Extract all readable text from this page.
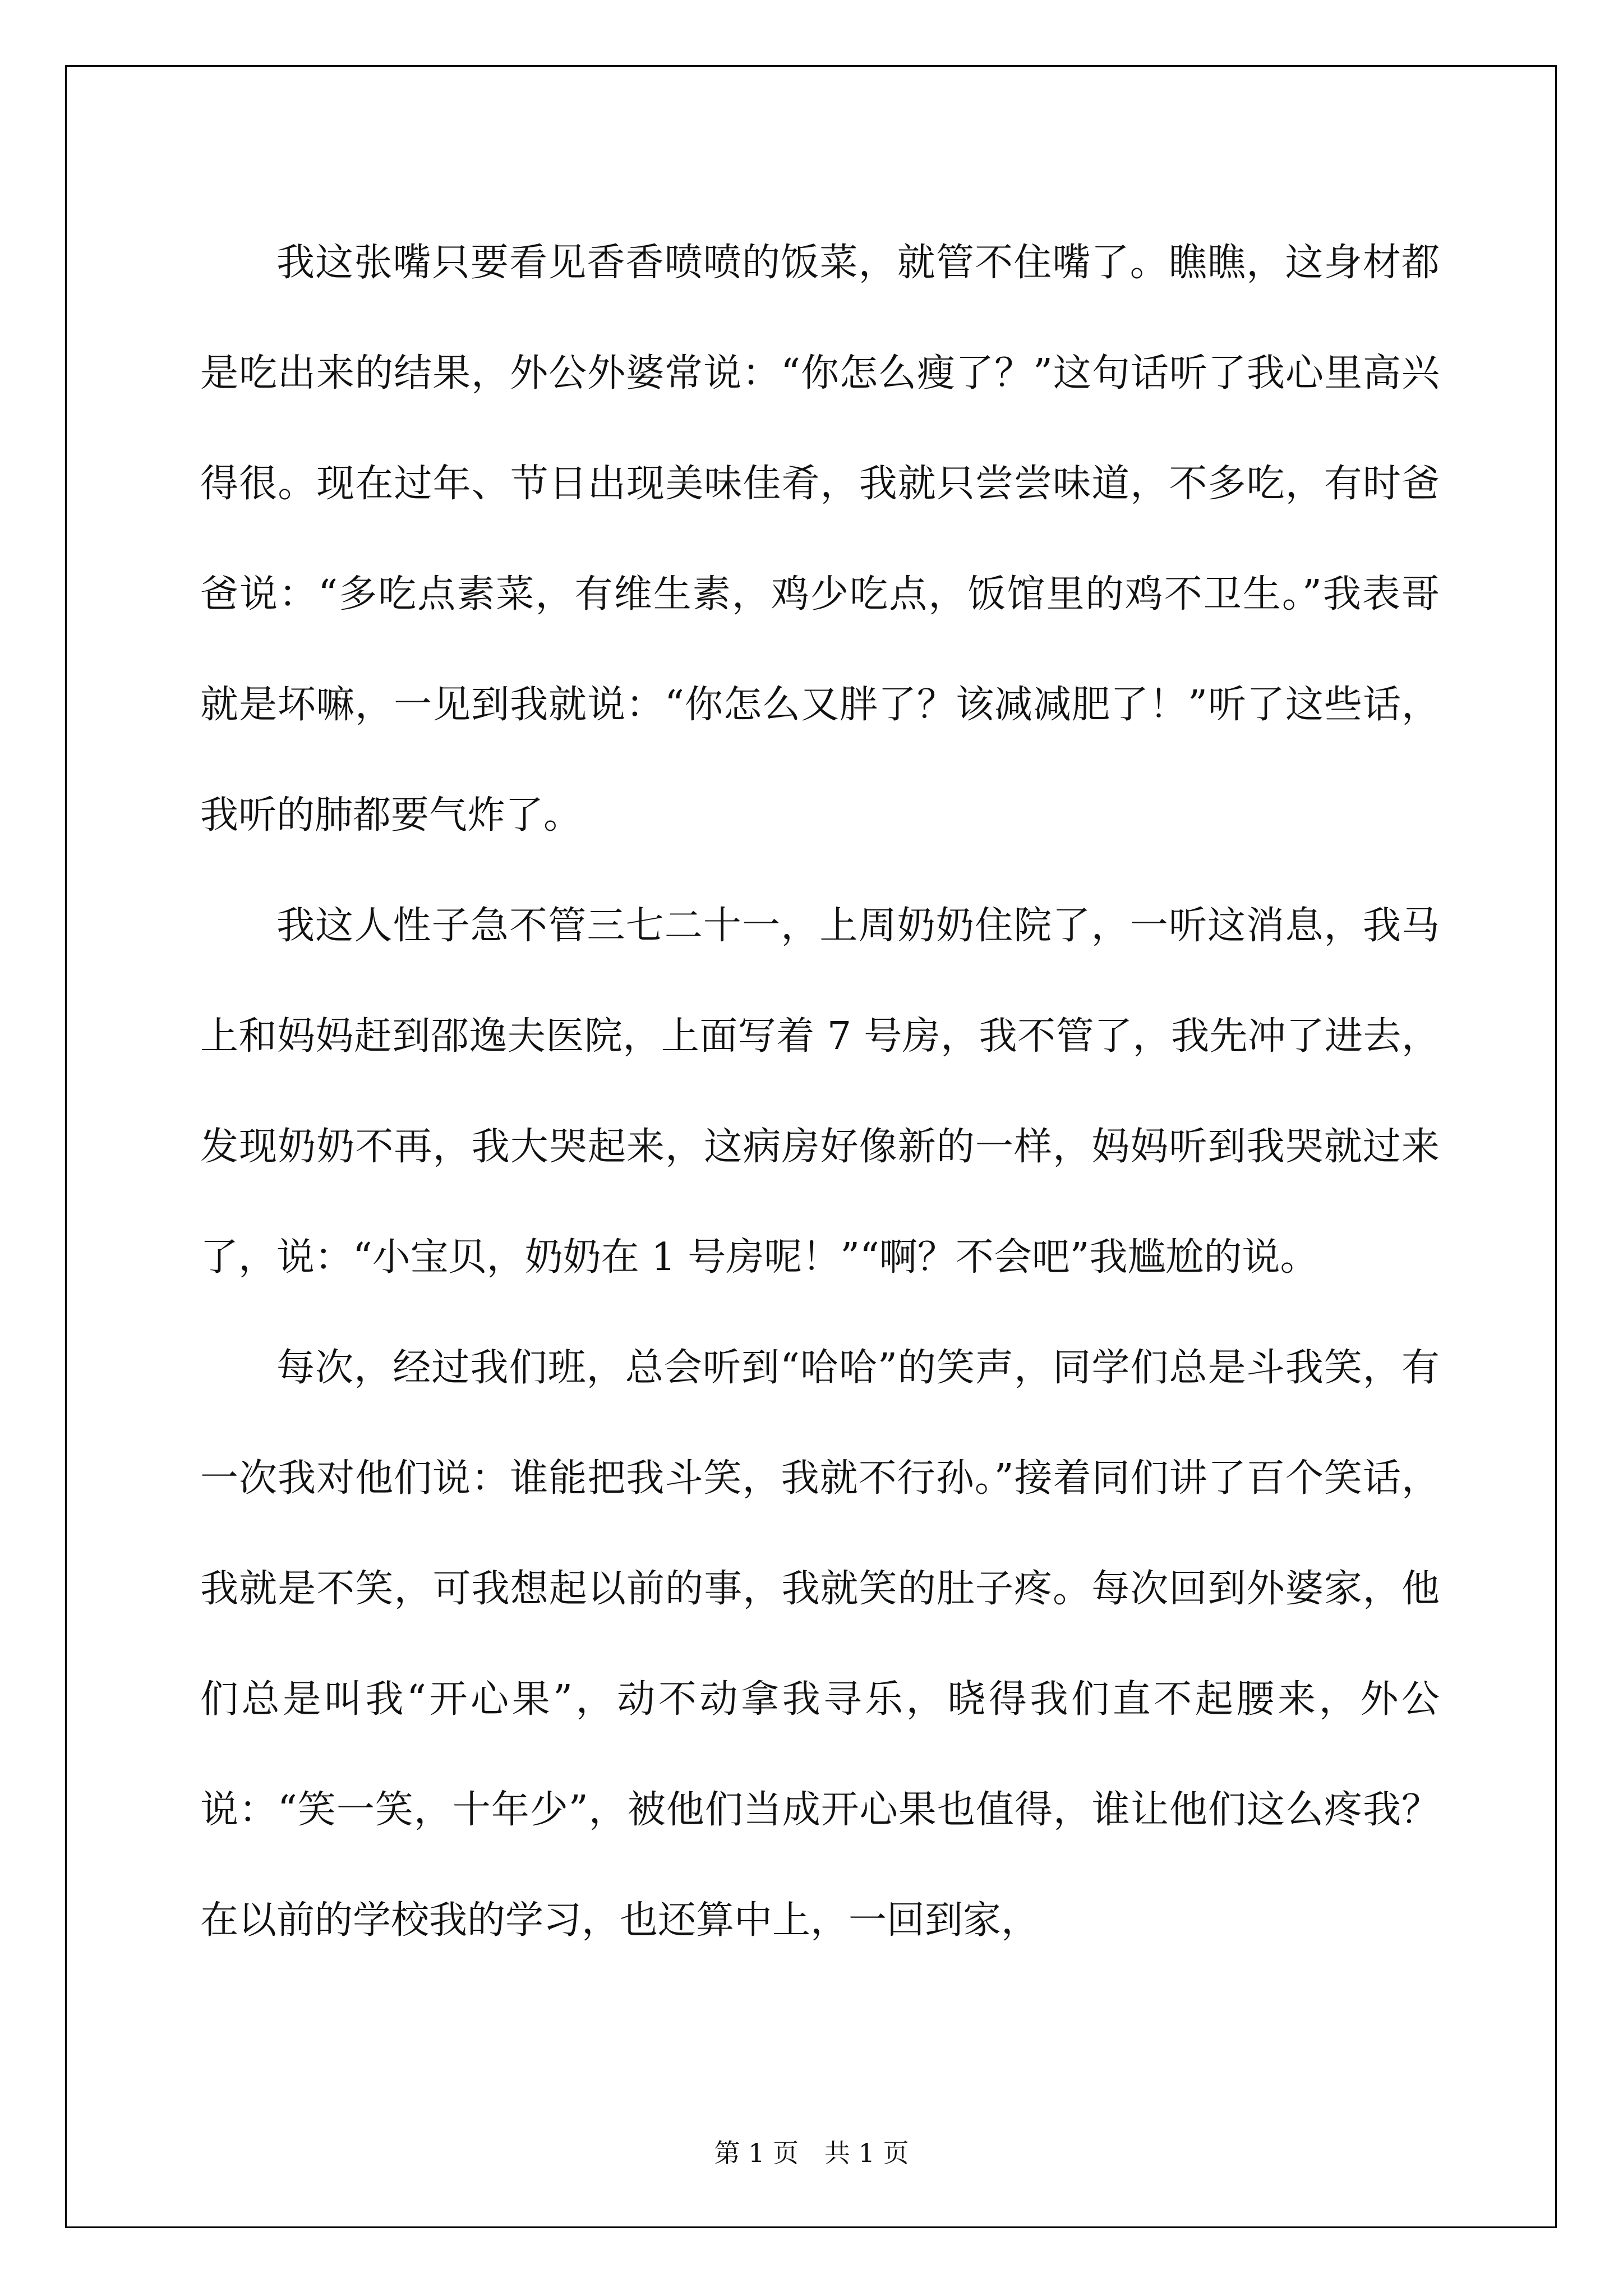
我这张嘴只要看见香香喷喷的饭菜，就管不住嘴了。瞧瞧，这身材都是吃出来的结果，外公外婆常说：“你怎么瘦了？”这句话听了我心里高兴得很。现在过年、节日出现美味佳肴，我就只尝尝味道，不多吃，有时爸爸说：“多吃点素菜，有维生素，鸡少吃点，饭馆里的鸡不卫生。”我表哥就是坏嘛，一见到我就说：“你怎么又胖了？该减减肥了！”听了这些话，我听的肺都要气炸了。

我这人性子急不管三七二十一，上周奶奶住院了，一听这消息，我马上和妈妈赶到邵逸夫医院，上面写着 7 号房，我不管了，我先冲了进去，发现奶奶不再，我大哭起来，这病房好像新的一样，妈妈听到我哭就过来了，说：“小宝贝，奶奶在 1 号房呢！”“啊？不会吧”我尴尬的说。

每次，经过我们班，总会听到“哈哈”的笑声，同学们总是斗我笑，有一次我对他们说：谁能把我斗笑，我就不行孙。”接着同们讲了百个笑话，我就是不笑，可我想起以前的事，我就笑的肚子疼。每次回到外婆家，他们总是叫我“开心果”，动不动拿我寻乐，晓得我们直不起腰来，外公说：“笑一笑，十年少”，被他们当成开心果也值得，谁让他们这么疼我？在以前的学校我的学习，也还算中上，一回到家，

第 1 页　共 1 页
